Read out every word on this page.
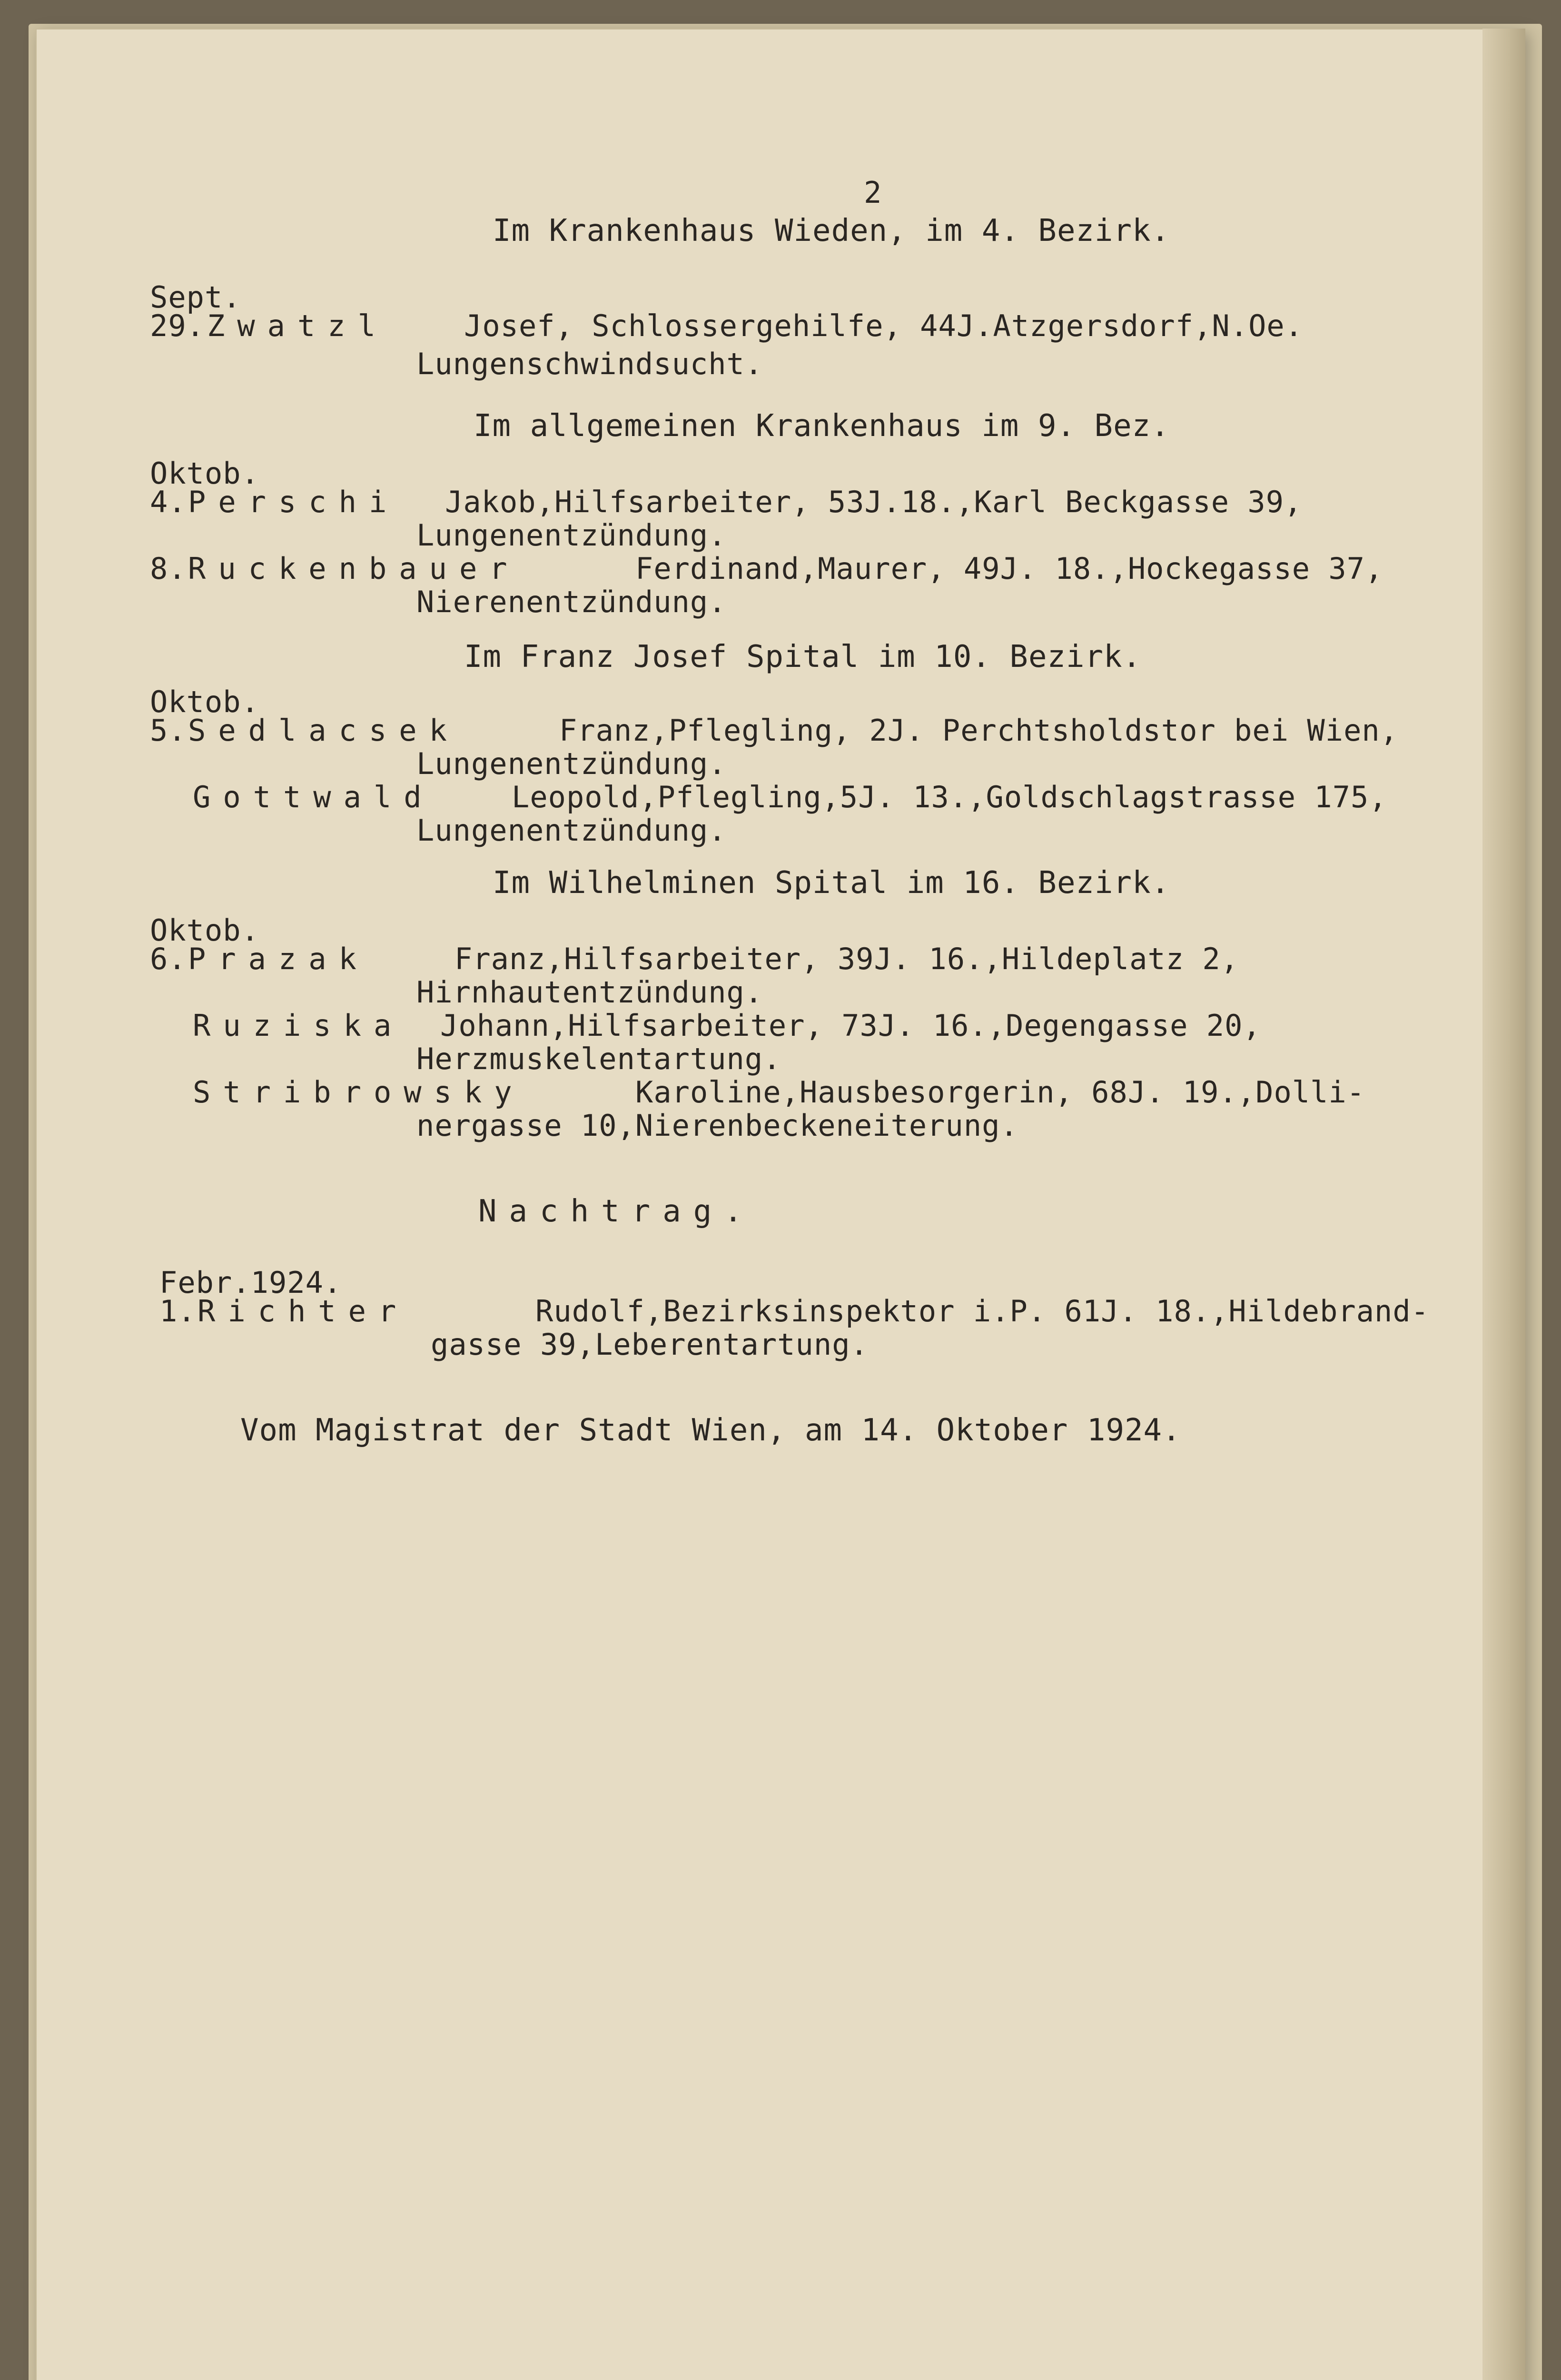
2
Im Krankenhaus Wieden, im 4. Bezirk.
Sept.
29. Zwatzl	Josef, Schlossergehilfe, 44J.Atzgersdorf,N.Oe.
Lungenschwindsucht.
Im allgemeinen Krankenhaus im 9. Bez.
Oktob.
4. Perschi Jakob,Hilfsarbeiter, 53J.18.,Karl Beckgasse 39,
Lungenentzündung.
8. Ruckenbauer	Ferdinand,Maurer, 49J. 18.,Hockegasse 37,
Nierenentzündung.
Im Franz Josef Spital im 10. Bezirk.
Oktob.
5. Sedlacsek	Franz,Pflegling, 2J. Perchtsholdstor bei Wien,
Lungenentzündung.
Gottwald	Leopold,Pflegling,5J. 13.,Goldschlagstrasse 175,
Lungenentzündung.
Im Wilhelminen Spital im 16. Bezirk.
Oktob.
6. Prazak	Franz,Hilfsarbeiter, 39J. 16.,Hildeplatz 2,
Hirnhautentzündung.
Ruziska Johann,Hilfsarbeiter, 73J. 16.,Degengasse 20,
Herzmuskelentartung.
Stribrowsky	Karoline,Hausbesorgerin, 68J. 19.,Dolli-
nergasse 10,Nierenbeckeneiterung.
Nachtrag.
Febr.1924.
1. Richter	Rudolf,Bezirksinspektor i.P. 61J. 18.,Hildebrand-
gasse 39,Leberentartung.
Vom Magistrat der Stadt Wien, am 14. Oktober 1924.
